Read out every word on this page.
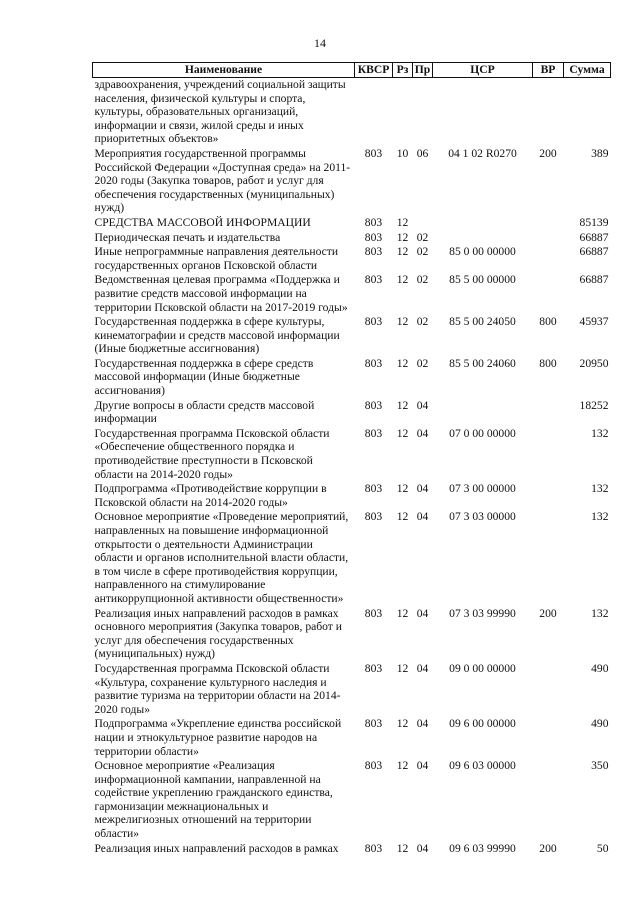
14
Наименование	КВСР	Рз	Пр	ЦСР	ВР	Сумма
здравоохранения, учреждений социальной защиты населения, физической культуры и спорта, культуры, образовательных организаций, информации и связи, жилой среды и иных приоритетных объектов»						
Мероприятия государственной программы Российской Федерации «Доступная среда» на 2011-2020 годы (Закупка товаров, работ и услуг для обеспечения государственных (муниципальных) нужд)	803	10	06	04 1 02 R0270	200	389
СРЕДСТВА МАССОВОЙ ИНФОРМАЦИИ	803	12				85139
Периодическая печать и издательства	803	12	02			66887
Иные непрограммные направления деятельности государственных органов Псковской области	803	12	02	85 0 00 00000		66887
Ведомственная целевая программа «Поддержка и развитие средств массовой информации на территории Псковской области на 2017-2019 годы»	803	12	02	85 5 00 00000		66887
Государственная поддержка в сфере культуры, кинематографии и средств массовой информации (Иные бюджетные ассигнования)	803	12	02	85 5 00 24050	800	45937
Государственная поддержка в сфере средств массовой информации (Иные бюджетные ассигнования)	803	12	02	85 5 00 24060	800	20950
Другие вопросы в области средств массовой информации	803	12	04			18252
Государственная программа Псковской области «Обеспечение общественного порядка и противодействие преступности в Псковской области на 2014-2020 годы»	803	12	04	07 0 00 00000		132
Подпрограмма «Противодействие коррупции в Псковской области на 2014-2020 годы»	803	12	04	07 3 00 00000		132
Основное мероприятие «Проведение мероприятий, направленных на повышение информационной открытости о деятельности Администрации области и органов исполнительной власти области, в том числе в сфере противодействия коррупции, направленного на стимулирование антикоррупционной активности общественности»	803	12	04	07 3 03 00000		132
Реализация иных направлений расходов в рамках основного мероприятия (Закупка товаров, работ и услуг для обеспечения государственных (муниципальных) нужд)	803	12	04	07 3 03 99990	200	132
Государственная программа Псковской области «Культура, сохранение культурного наследия и развитие туризма на территории области на 2014-2020 годы»	803	12	04	09 0 00 00000		490
Подпрограмма «Укрепление единства российской нации и этнокультурное развитие народов на территории области»	803	12	04	09 6 00 00000		490
Основное мероприятие «Реализация информационной кампании, направленной на содействие укреплению гражданского единства, гармонизации межнациональных и межрелигиозных отношений на территории области»	803	12	04	09 6 03 00000		350
Реализация иных направлений расходов в рамках	803	12	04	09 6 03 99990	200	50
